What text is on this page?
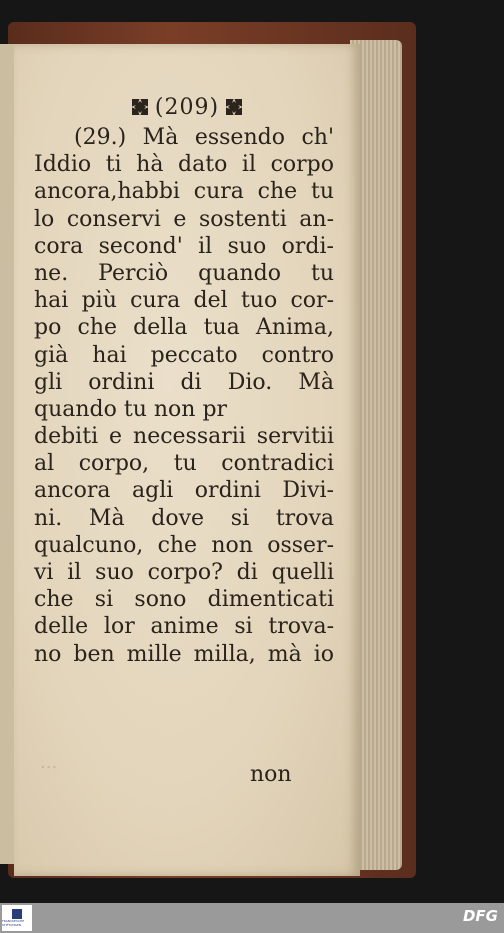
(209)
(29.) Mà essendo ch'
Iddio ti hà dato il corpo
ancora,habbi cura che tu
lo conservi e sostenti an-
cora second' il suo ordi-
ne. Perciò quando tu
hai più cura del tuo cor-
po che della tua Anima,
già hai peccato contro
gli ordini di Dio. Mà
quando tu non pr
debiti e necessarii servitii
al corpo, tu contradici
ancora agli ordini Divi-
ni. Mà dove si trova
qualcuno, che non osser-
vi il suo corpo? di quelli
che si sono dimenticati
delle lor anime si trova-
no ben mille milla, mà io
...	non
FRANCKESCHE STIFTUNGEN	DFG
